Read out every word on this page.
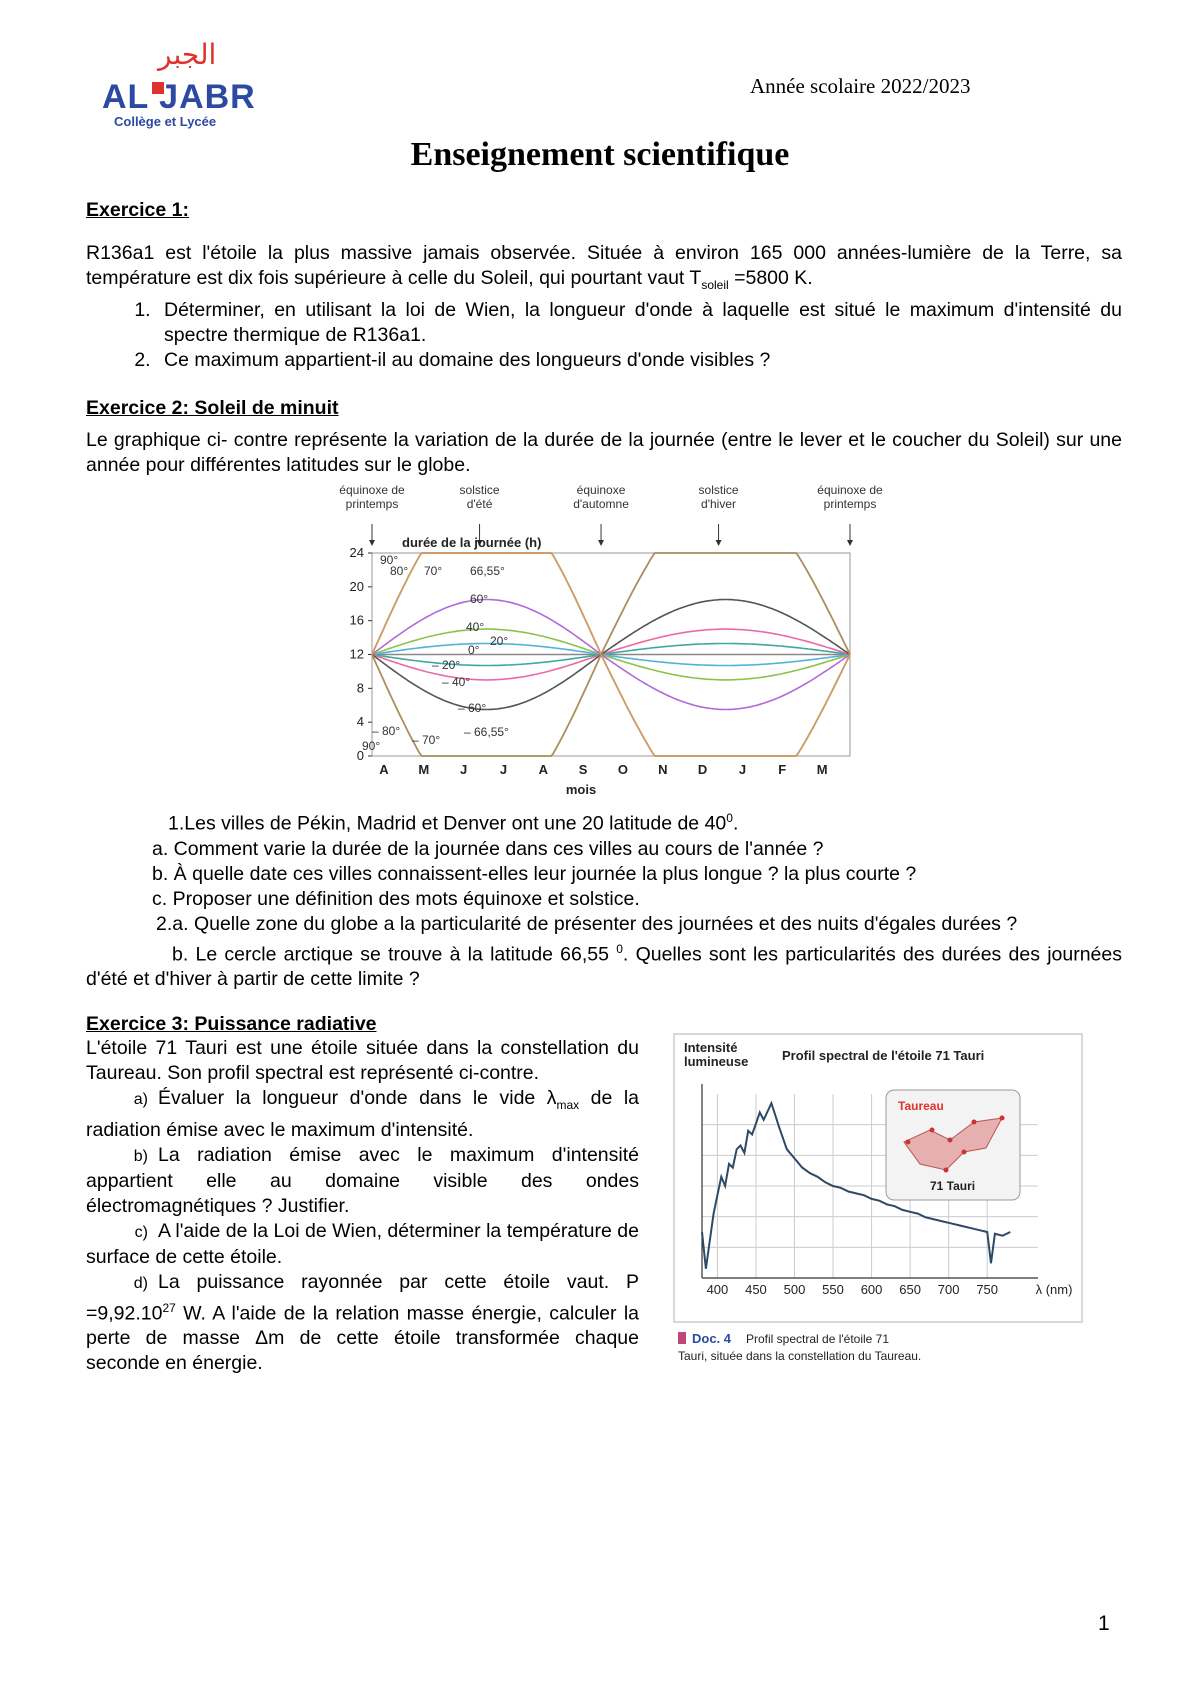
الجبر
AL JABR
Collège et Lycée
Année scolaire 2022/2023
Enseignement scientifique
Exercice 1:
R136a1 est l'étoile la plus massive jamais observée. Située à environ 165 000 années-lumière de la Terre, sa température est dix fois supérieure à celle du Soleil, qui pourtant vaut $T_{soleil} =5800$ K.
1. Déterminer, en utilisant la loi de Wien, la longueur d'onde à laquelle est situé le maximum d'intensité du spectre thermique de R136a1.
2. Ce maximum appartient-il au domaine des longueurs d'onde visibles ?
Exercice 2: Soleil de minuit
Le graphique ci- contre représente la variation de la durée de la journée (entre le lever et le coucher du Soleil) sur une année pour différentes latitudes sur le globe.
équinoxe de
printemps
solstice
d'été
équinoxe
d'automne
solstice
d'hiver
équinoxe de
printemps
durée de la journée (h)
0
4
8
12
16
20
24
A M J	J A S O N D J F M
mois
90°
80° 70° 66,55°
60°
40°
20°
0°
– 20°
– 40°
– 60°
– 66,55°
– 70°
– 80°
90°
1.Les villes de Pékin, Madrid et Denver ont une 20 latitude de $40^0$.
a. Comment varie la durée de la journée dans ces villes au cours de l'année ?
b. À quelle date ces villes connaissent-elles leur journée la plus longue ? la plus courte ?
c. Proposer une définition des mots équinoxe et solstice.
2.a. Quelle zone du globe a la particularité de présenter des journées et des nuits d'égales durées ?
b. Le cercle arctique se trouve à la latitude 66,55 $^0$. Quelles sont les particularités des durées des journées d'été et d'hiver à partir de cette limite ?
Exercice 3: Puissance radiative
L'étoile 71 Tauri est une étoile située dans la constellation du Taureau. Son profil spectral est représenté ci-contre.
a) Évaluer la longueur d'onde dans le vide $\lambda_{max}$ de la radiation émise avec le maximum d'intensité.
b) La radiation émise avec le maximum d'intensité appartient elle au domaine visible des ondes électromagnétiques ? Justifier.
c) A l'aide de la Loi de Wien, déterminer la température de surface de cette étoile.
d) La puissance rayonnée par cette étoile vaut. $P =9,92.10^{27}$ W. A l'aide de la relation masse énergie, calculer la perte de masse Δm de cette étoile transformée chaque seconde en énergie.
400 450 500 550 600 650 700 750	λ (nm)
Intensité
lumineuse	Profil spectral de l'étoile 71 Tauri
Taureau
71 Tauri
Doc. 4 Profil spectral de l'étoile 71
Tauri, située dans la constellation du Taureau.
1
